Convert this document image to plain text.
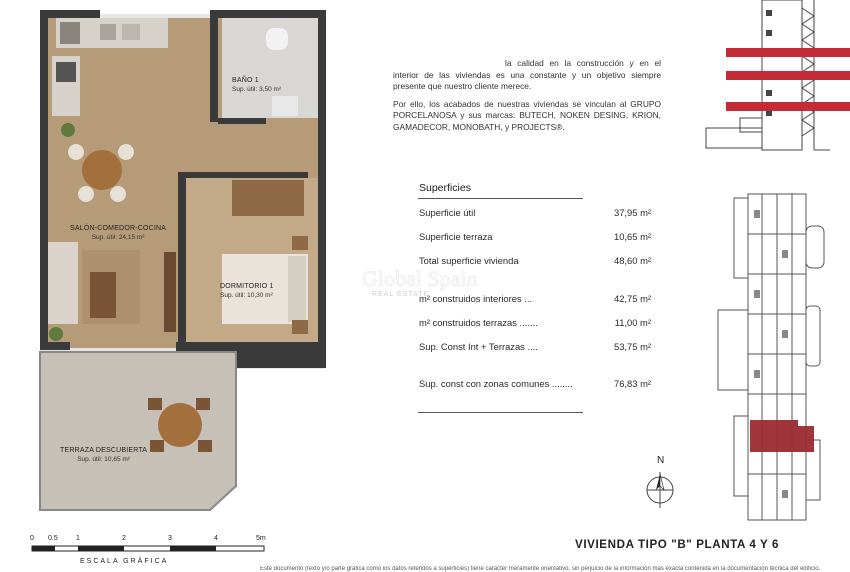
BAÑO 1
Sup. útil: 3,50 m²
SALÓN-COMEDOR-COCINA
Sup. útil: 24,15 m²
DORMITORIO 1
Sup. útil: 10,30 m²
TERRAZA DESCUBIERTA
Sup. útil: 10,65 m²
0 0.5	1	2	3	4	5m
ESCALA GRÁFICA

la calidad en la construcción y en el interior de las viviendas es una constante y un objetivo siempre presente que nuestro cliente merece.

Por ello, los acabados de nuestras viviendas se vinculan al GRUPO PORCELANOSA y sus marcas: BUTECH, NOKEN DESING, KRION, GAMADECOR, MONOBATH, y PROJECTS®.

Superficies
Superficie útil	37,95 m²
Superficie terraza	10,65 m²
Total superficie vivienda	48,60 m²
m² construidos interiores ...	42,75 m²
m² construidos terrazas .......	11,00 m²
Sup. Const Int + Terrazas ....	53,75 m²
Sup. const con zonas comunes ........	76,83 m²
Global Spain
REAL ESTATE
N
VIVIENDA TIPO "B" PLANTA 4 Y 6
Este documento (texto y/o parte gráfica como los datos referidos a superficies) tiene carácter meramente orientativo, sin perjuicio de la información más exacta contenida en la documentación técnica del edificio.
